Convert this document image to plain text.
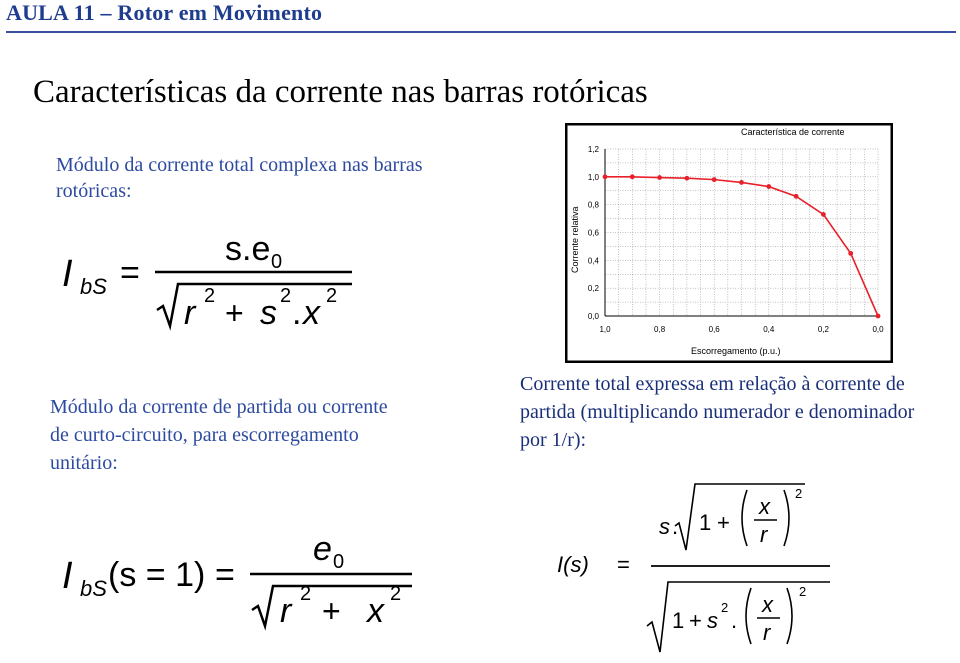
AULA 11 – Rotor em Movimento
Características da corrente nas barras rotóricas
Módulo da corrente total complexa nas barras rotóricas:
I bS =
s.e 0
r 2 + s 2 . x 2
Módulo da corrente de partida ou corrente de curto-circuito, para escorregamento unitário:
I bS (s = 1) =
e 0
r 2 + x 2
Corrente total expressa em relação à corrente de partida (multiplicando numerador e denominador por 1/r):
I(s) =
s . 1 +
x
r
2
1 + s
2
.
x
r
2
Característica de corrente
Escorregamento (p.u.)
Corrente relativa
1,0	0,8	0,6	0,4	0,2	0,0
0,0
0,2
0,4
0,6
0,8
1,0
1,2
